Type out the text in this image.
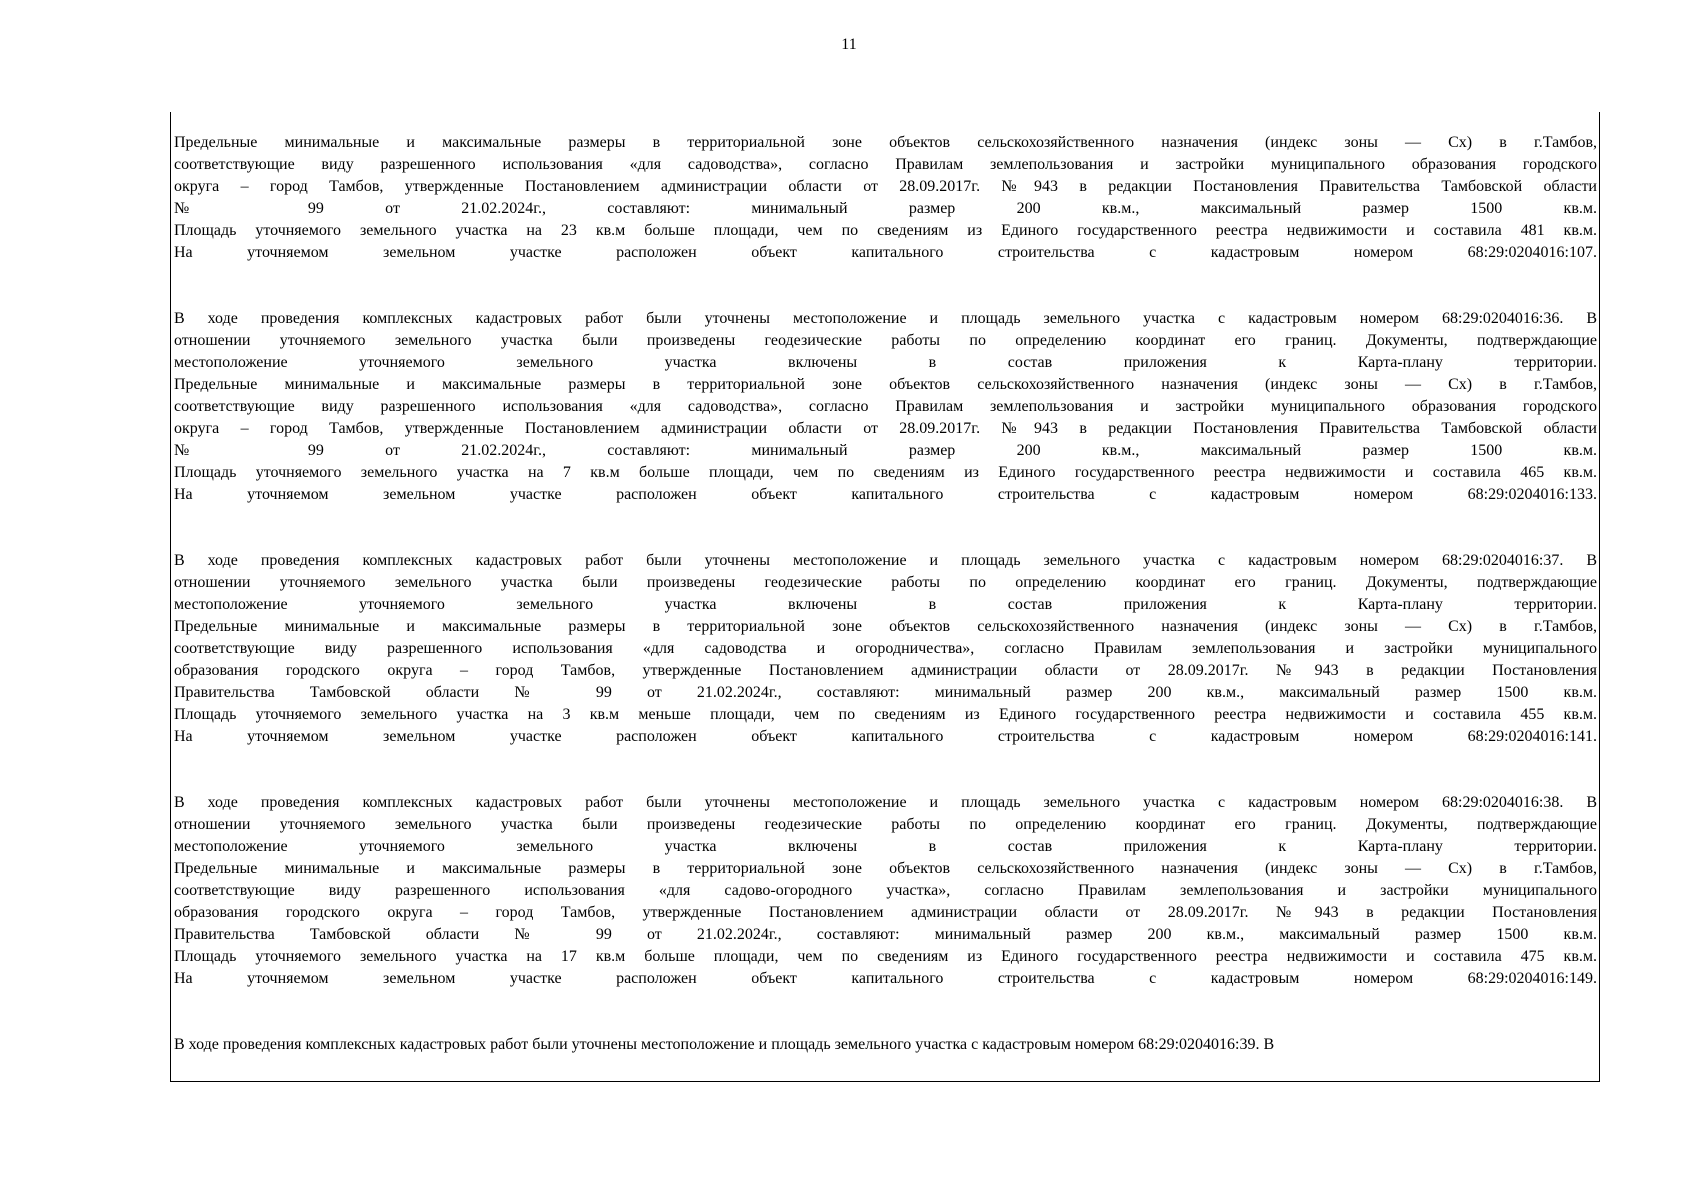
11
Предельные минимальные и максимальные размеры в территориальной зоне объектов сельскохозяйственного назначения (индекс зоны — Сх) в г.Тамбов,
соответствующие виду разрешенного использования «для садоводства», согласно Правилам землепользования и застройки муниципального образования городского
округа – город Тамбов, утвержденные Постановлением администрации области от 28.09.2017г. №943 в редакции Постановления Правительства Тамбовской области
№ 99 от 21.02.2024г., составляют: минимальный размер 200 кв.м., максимальный размер 1500 кв.м.
Площадь уточняемого земельного участка на 23 кв.м больше площади, чем по сведениям из Единого государственного реестра недвижимости и составила 481 кв.м.
На уточняемом земельном участке расположен объект капитального строительства с кадастровым номером 68:29:0204016:107.
В ходе проведения комплексных кадастровых работ были уточнены местоположение и площадь земельного участка с кадастровым номером 68:29:0204016:36. В
отношении уточняемого земельного участка были произведены геодезические работы по определению координат его границ. Документы, подтверждающие
местоположение уточняемого земельного участка включены в состав приложения к Карта-плану территории.
Предельные минимальные и максимальные размеры в территориальной зоне объектов сельскохозяйственного назначения (индекс зоны — Сх) в г.Тамбов,
соответствующие виду разрешенного использования «для садоводства», согласно Правилам землепользования и застройки муниципального образования городского
округа – город Тамбов, утвержденные Постановлением администрации области от 28.09.2017г. №943 в редакции Постановления Правительства Тамбовской области
№ 99 от 21.02.2024г., составляют: минимальный размер 200 кв.м., максимальный размер 1500 кв.м.
Площадь уточняемого земельного участка на 7 кв.м больше площади, чем по сведениям из Единого государственного реестра недвижимости и составила 465 кв.м.
На уточняемом земельном участке расположен объект капитального строительства с кадастровым номером 68:29:0204016:133.
В ходе проведения комплексных кадастровых работ были уточнены местоположение и площадь земельного участка с кадастровым номером 68:29:0204016:37. В
отношении уточняемого земельного участка были произведены геодезические работы по определению координат его границ. Документы, подтверждающие
местоположение уточняемого земельного участка включены в состав приложения к Карта-плану территории.
Предельные минимальные и максимальные размеры в территориальной зоне объектов сельскохозяйственного назначения (индекс зоны — Сх) в г.Тамбов,
соответствующие виду разрешенного использования «для садоводства и огородничества», согласно Правилам землепользования и застройки муниципального
образования городского округа – город Тамбов, утвержденные Постановлением администрации области от 28.09.2017г. №943 в редакции Постановления
Правительства Тамбовской области № 99 от 21.02.2024г., составляют: минимальный размер 200 кв.м., максимальный размер 1500 кв.м.
Площадь уточняемого земельного участка на 3 кв.м меньше площади, чем по сведениям из Единого государственного реестра недвижимости и составила 455 кв.м.
На уточняемом земельном участке расположен объект капитального строительства с кадастровым номером 68:29:0204016:141.
В ходе проведения комплексных кадастровых работ были уточнены местоположение и площадь земельного участка с кадастровым номером 68:29:0204016:38. В
отношении уточняемого земельного участка были произведены геодезические работы по определению координат его границ. Документы, подтверждающие
местоположение уточняемого земельного участка включены в состав приложения к Карта-плану территории.
Предельные минимальные и максимальные размеры в территориальной зоне объектов сельскохозяйственного назначения (индекс зоны — Сх) в г.Тамбов,
соответствующие виду разрешенного использования «для садово-огородного участка», согласно Правилам землепользования и застройки муниципального
образования городского округа – город Тамбов, утвержденные Постановлением администрации области от 28.09.2017г. №943 в редакции Постановления
Правительства Тамбовской области № 99 от 21.02.2024г., составляют: минимальный размер 200 кв.м., максимальный размер 1500 кв.м.
Площадь уточняемого земельного участка на 17 кв.м больше площади, чем по сведениям из Единого государственного реестра недвижимости и составила 475 кв.м.
На уточняемом земельном участке расположен объект капитального строительства с кадастровым номером 68:29:0204016:149.
В ходе проведения комплексных кадастровых работ были уточнены местоположение и площадь земельного участка с кадастровым номером 68:29:0204016:39. В
